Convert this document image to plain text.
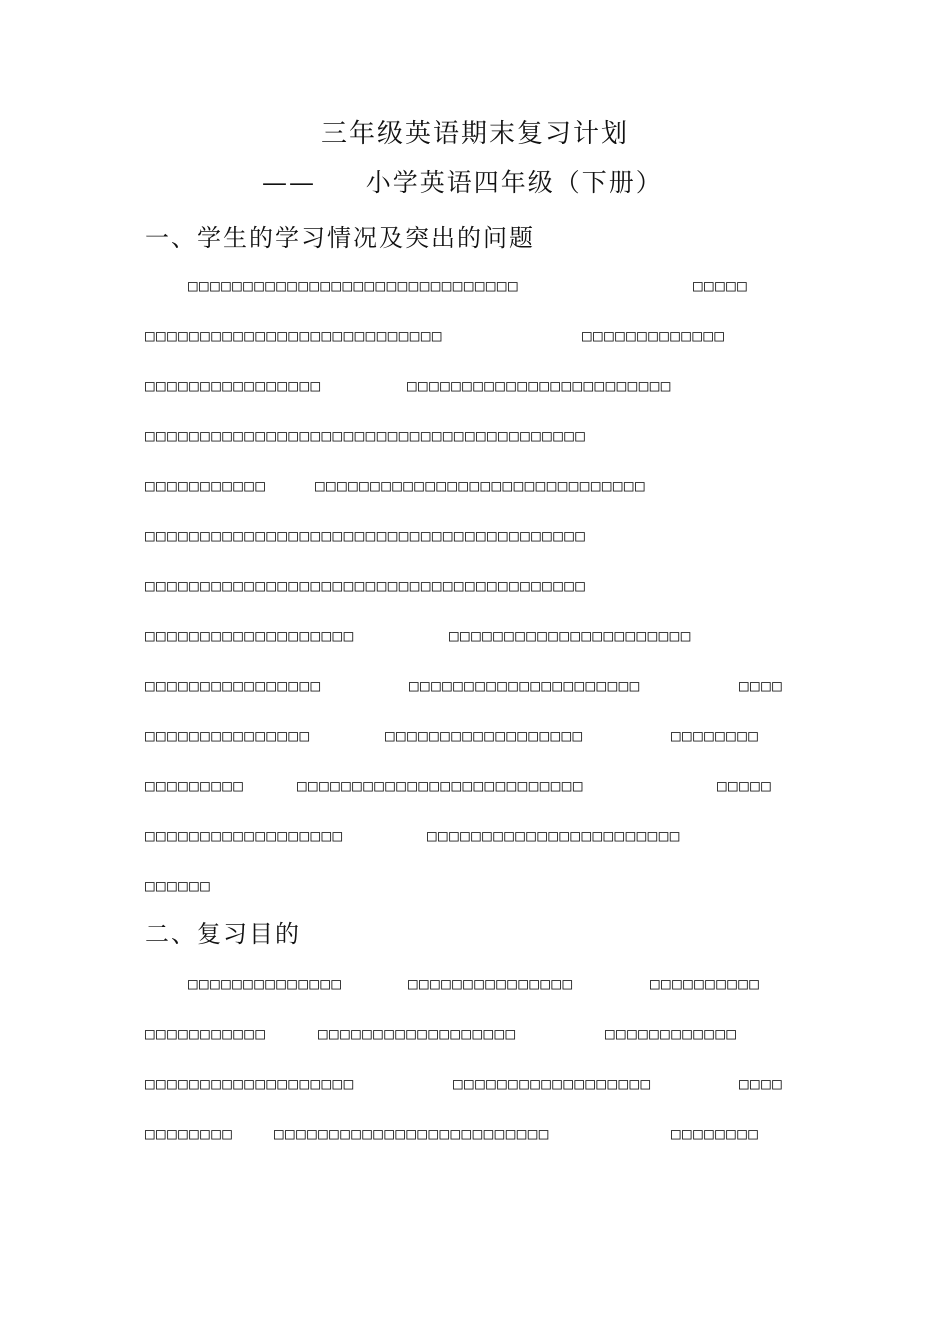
三年级英语期末复习计划
——     小学英语四年级（下册）
一、学生的学习情况及突出的问题
□□□□□□□□□□□□□□□□□□□□□□□□□□□□□□	□□□□□
□□□□□□□□□□□□□□□□□□□□□□□□□□□	□□□□□□□□□□□□□
□□□□□□□□□□□□□□□□	□□□□□□□□□□□□□□□□□□□□□□□□
□□□□□□□□□□□□□□□□□□□□□□□□□□□□□□□□□□□□□□□□
□□□□□□□□□□□	□□□□□□□□□□□□□□□□□□□□□□□□□□□□□□
□□□□□□□□□□□□□□□□□□□□□□□□□□□□□□□□□□□□□□□□
□□□□□□□□□□□□□□□□□□□□□□□□□□□□□□□□□□□□□□□□
□□□□□□□□□□□□□□□□□□□	□□□□□□□□□□□□□□□□□□□□□□
□□□□□□□□□□□□□□□□	□□□□□□□□□□□□□□□□□□□□□	□□□□
□□□□□□□□□□□□□□□	□□□□□□□□□□□□□□□□□□	□□□□□□□□
□□□□□□□□□	□□□□□□□□□□□□□□□□□□□□□□□□□□	□□□□□
□□□□□□□□□□□□□□□□□□	□□□□□□□□□□□□□□□□□□□□□□□
□□□□□□
二、复习目的
□□□□□□□□□□□□□□	□□□□□□□□□□□□□□□	□□□□□□□□□□
□□□□□□□□□□□	□□□□□□□□□□□□□□□□□□	□□□□□□□□□□□□
□□□□□□□□□□□□□□□□□□□	□□□□□□□□□□□□□□□□□□	□□□□
□□□□□□□□	□□□□□□□□□□□□□□□□□□□□□□□□□	□□□□□□□□
